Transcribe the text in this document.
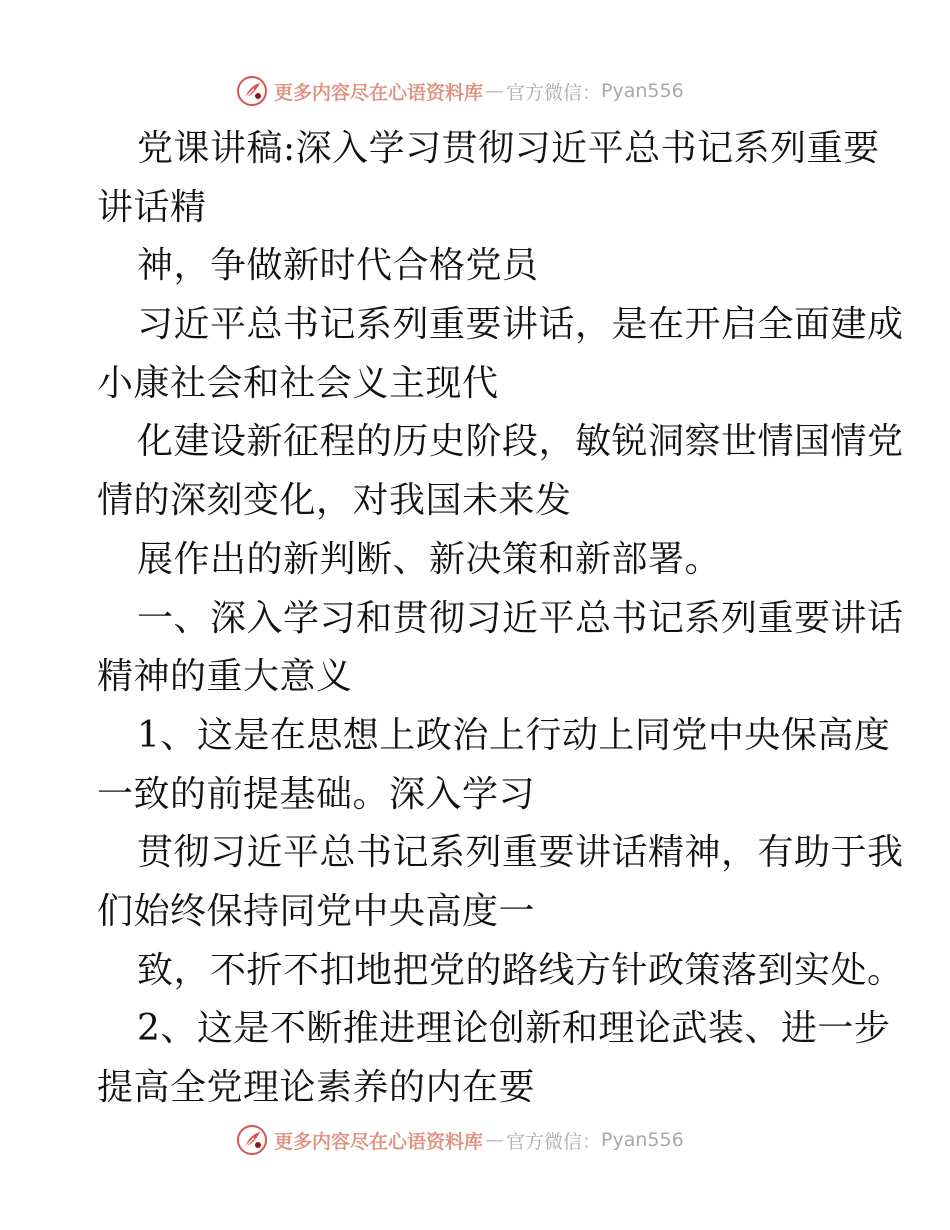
更多内容尽在心语资料库 — 官方微信： Pyan556
党课讲稿:深入学习贯彻习近平总书记系列重要
讲话精
神，争做新时代合格党员
习近平总书记系列重要讲话，是在开启全面建成
小康社会和社会义主现代
化建设新征程的历史阶段，敏锐洞察世情国情党
情的深刻变化，对我国未来发
展作出的新判断、新决策和新部署。
一、深入学习和贯彻习近平总书记系列重要讲话
精神的重大意义
1、这是在思想上政治上行动上同党中央保高度
一致的前提基础。深入学习
贯彻习近平总书记系列重要讲话精神，有助于我
们始终保持同党中央高度一
致，不折不扣地把党的路线方针政策落到实处。
2、这是不断推进理论创新和理论武装、进一步
提高全党理论素养的内在要
更多内容尽在心语资料库 — 官方微信： Pyan556
